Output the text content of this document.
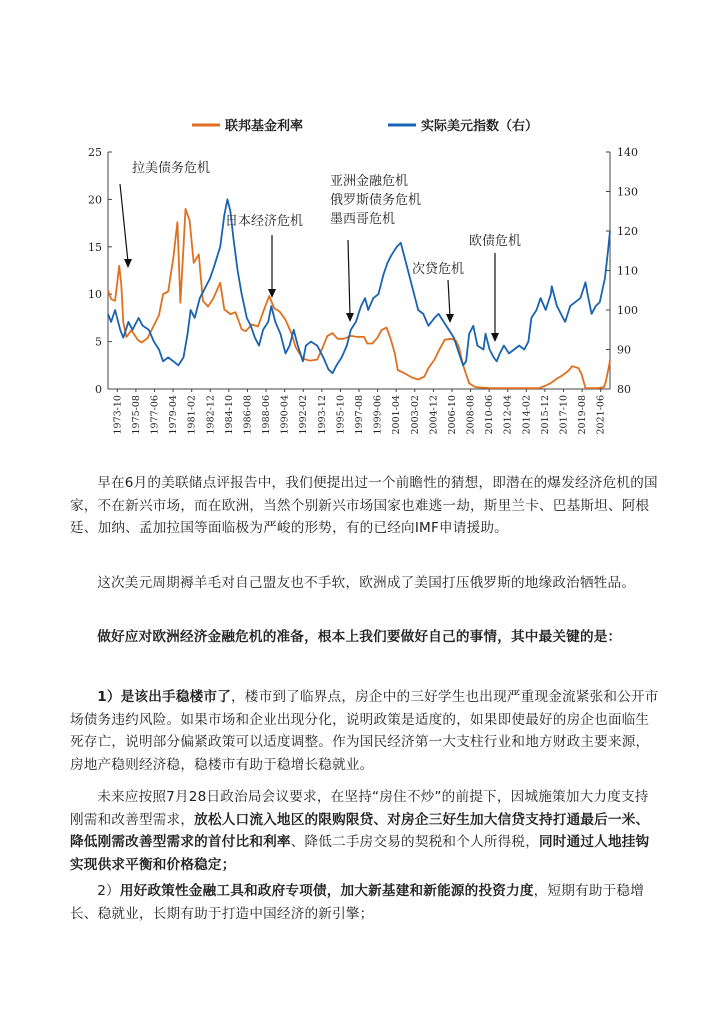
联邦基金利率	实际美元指数（右）
0
5
10
15
20
25
80
90
100
110
120
130
140
1973-10 1975-08 1977-06 1979-04 1981-02 1982-12 1984-10 1986-08 1988-06 1990-04 1992-02 1993-12 1995-10 1997-08 1999-06 2001-04 2003-02 2004-12 2006-10 2008-08 2010-06 2012-04 2014-02 2015-12 2017-10 2019-08 2021-06
拉美债务危机
日本经济危机
亚洲金融危机
俄罗斯债务危机
墨西哥危机
次贷危机
欧债危机

早在6月的美联储点评报告中，我们便提出过一个前瞻性的猜想，即潜在的爆发经济危机的国家，不在新兴市场，而在欧洲，当然个别新兴市场国家也难逃一劫，斯里兰卡、巴基斯坦、阿根廷、加纳、孟加拉国等面临极为严峻的形势，有的已经向IMF申请援助。

这次美元周期褥羊毛对自己盟友也不手软，欧洲成了美国打压俄罗斯的地缘政治牺牲品。

做好应对欧洲经济金融危机的准备，根本上我们要做好自己的事情，其中最关键的是：

1）是该出手稳楼市了，楼市到了临界点，房企中的三好学生也出现严重现金流紧张和公开市场债务违约风险。如果市场和企业出现分化，说明政策是适度的，如果即使最好的房企也面临生死存亡，说明部分偏紧政策可以适度调整。作为国民经济第一大支柱行业和地方财政主要来源，房地产稳则经济稳，稳楼市有助于稳增长稳就业。

未来应按照7月28日政治局会议要求，在坚持“房住不炒”的前提下，因城施策加大力度支持刚需和改善型需求，放松人口流入地区的限购限贷、对房企三好生加大信贷支持打通最后一米、降低刚需改善型需求的首付比和利率、降低二手房交易的契税和个人所得税，同时通过人地挂钩实现供求平衡和价格稳定；

2）用好政策性金融工具和政府专项债，加大新基建和新能源的投资力度，短期有助于稳增长、稳就业，长期有助于打造中国经济的新引擎；
